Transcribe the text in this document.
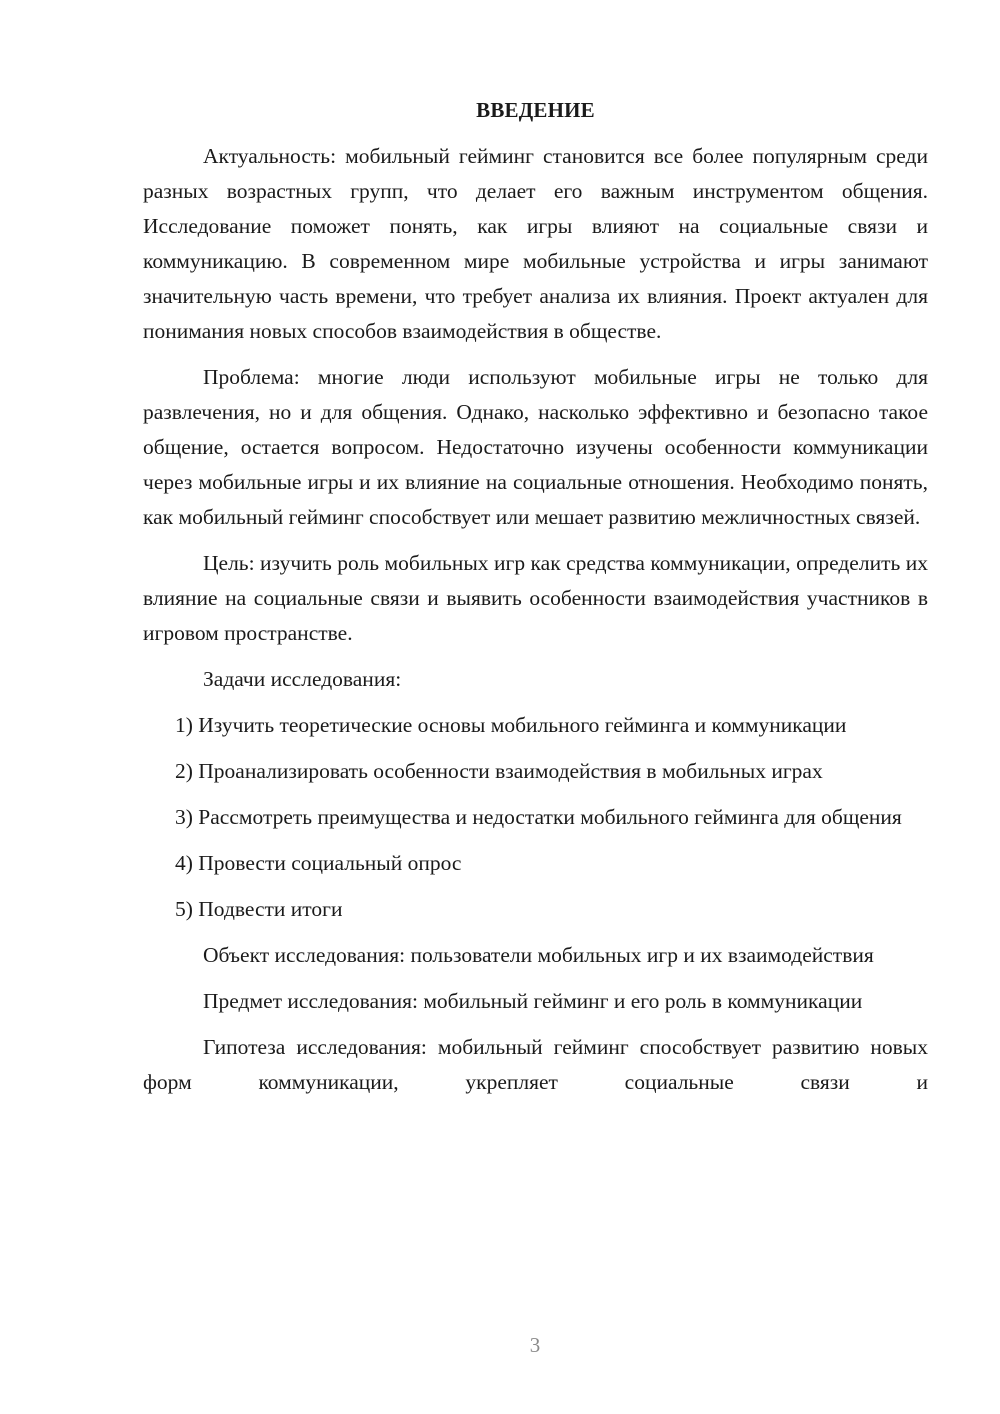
ВВЕДЕНИЕ

Актуальность: мобильный гейминг становится все более популярным среди разных возрастных групп, что делает его важным инструментом общения. Исследование поможет понять, как игры влияют на социальные связи и коммуникацию. В современном мире мобильные устройства и игры занимают значительную часть времени, что требует анализа их влияния. Проект актуален для понимания новых способов взаимодействия в обществе.

Проблема: многие люди используют мобильные игры не только для развлечения, но и для общения. Однако, насколько эффективно и безопасно такое общение, остается вопросом. Недостаточно изучены особенности коммуникации через мобильные игры и их влияние на социальные отношения. Необходимо понять, как мобильный гейминг способствует или мешает развитию межличностных связей.

Цель: изучить роль мобильных игр как средства коммуникации, определить их влияние на социальные связи и выявить особенности взаимодействия участников в игровом пространстве.

Задачи исследования:

1) Изучить теоретические основы мобильного гейминга и коммуникации

2) Проанализировать особенности взаимодействия в мобильных играх

3) Рассмотреть преимущества и недостатки мобильного гейминга для общения

4) Провести социальный опрос

5) Подвести итоги

Объект исследования: пользователи мобильных игр и их взаимодействия

Предмет исследования: мобильный гейминг и его роль в коммуникации

Гипотеза исследования: мобильный гейминг способствует развитию новых форм коммуникации, укрепляет социальные связи и

3
